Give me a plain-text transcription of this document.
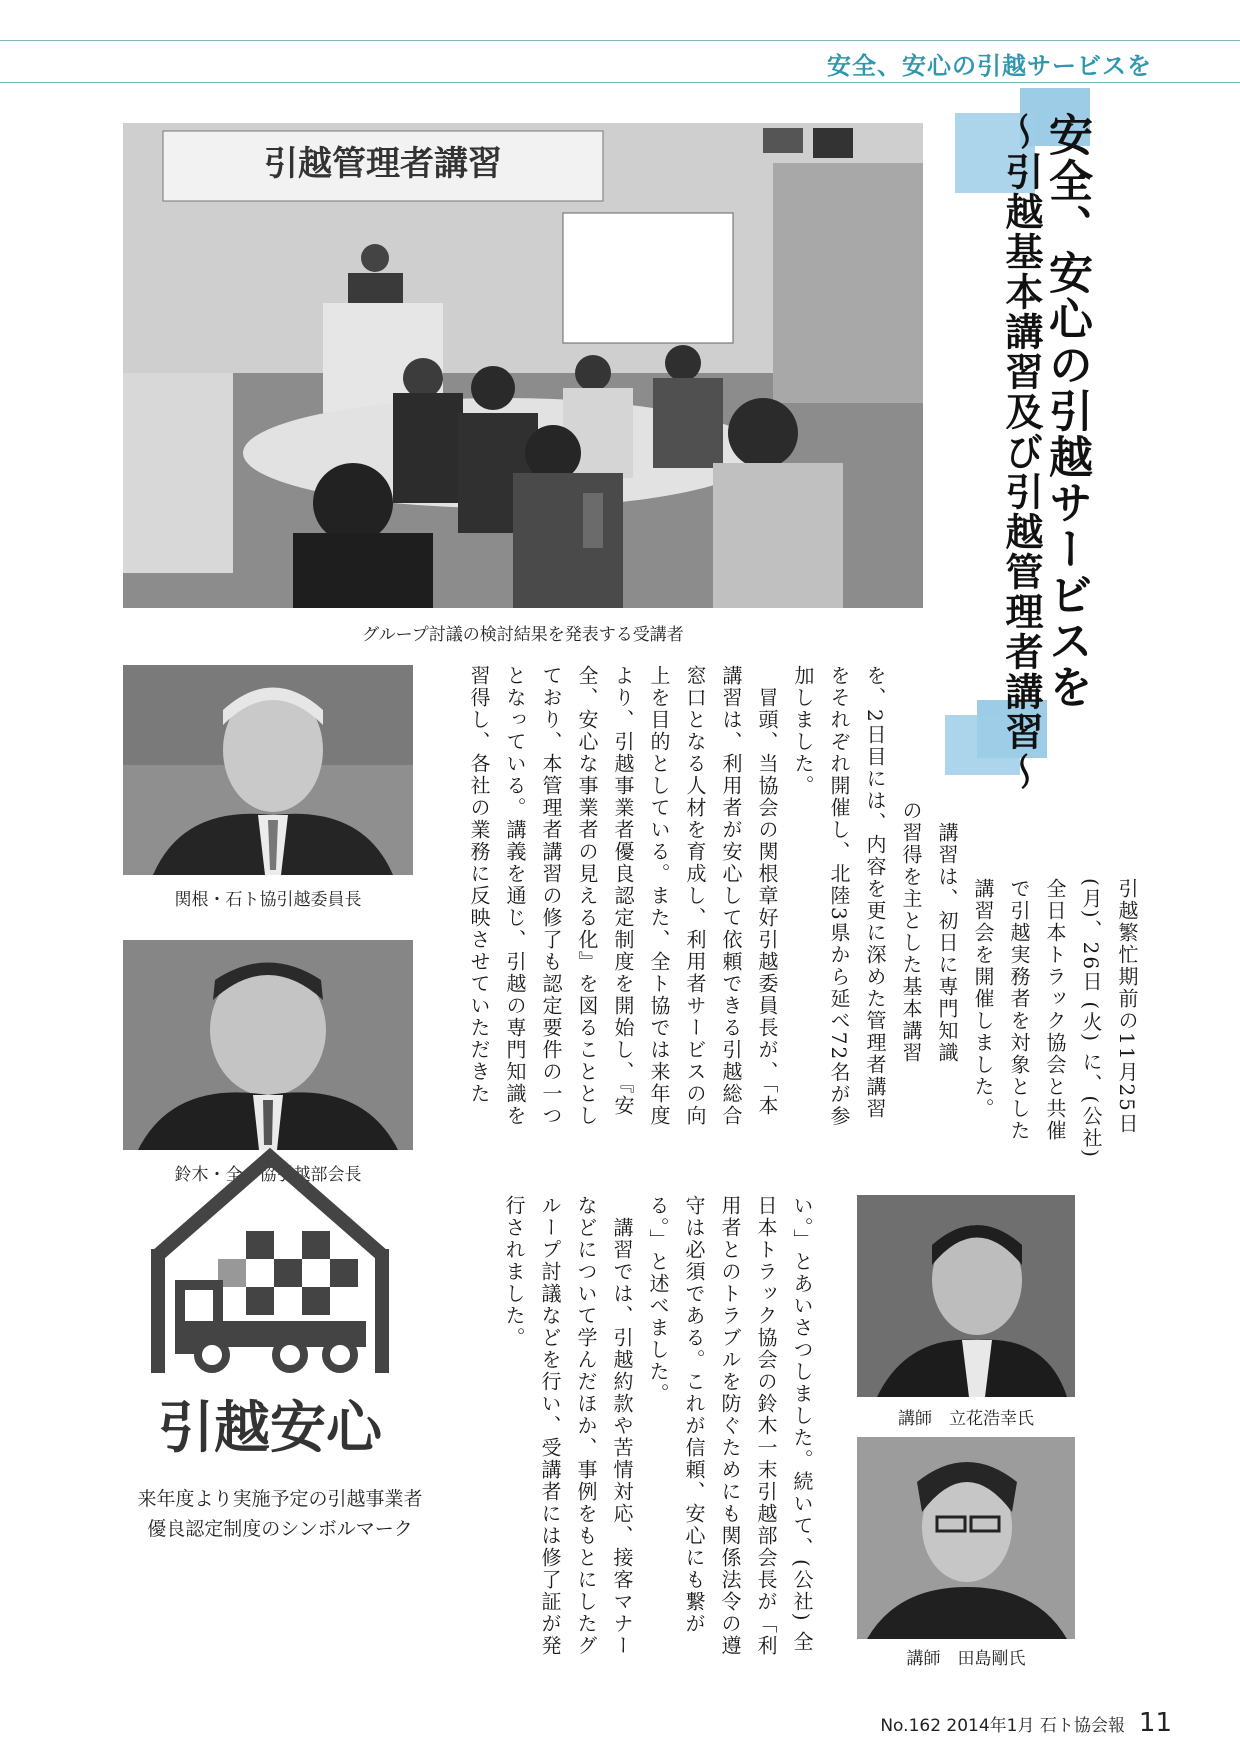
安全、安心の引越サービスを
引越管理者講習
グループ討議の検討結果を発表する受講者
関根・石ト協引越委員長
鈴木・全ト協引越部会長
講師　立花浩幸氏
講師　田島剛氏
安全、安心の引越サービスを
～引越基本講習及び引越管理者講習～

引越繁忙期前の11月25日

(月)、26日 (火) に、(公社)

全日本トラック協会と共催

で引越実務者を対象とした

講習会を開催しました。

　講習は、初日に専門知識

の習得を主とした基本講習

を、2日目には、内容を更に深めた管理者講習

をそれぞれ開催し、北陸3県から延べ72名が参

加しました。

　冒頭、当協会の関根章好引越委員長が、「本

講習は、利用者が安心して依頼できる引越総合

窓口となる人材を育成し、利用者サービスの向

上を目的としている。また、全ト協では来年度

より、引越事業者優良認定制度を開始し、『安

全、安心な事業者の見える化』を図ることとし

ており、本管理者講習の修了も認定要件の一つ

となっている。講義を通じ、引越の専門知識を

習得し、各社の業務に反映させていただきた

い。」とあいさつしました。続いて、(公社) 全

日本トラック協会の鈴木一末引越部会長が「利

用者とのトラブルを防ぐためにも関係法令の遵

守は必須である。これが信頼、安心にも繋が

る。」と述べました。

　講習では、引越約款や苦情対応、接客マナー

などについて学んだほか、事例をもとにしたグ

ループ討議などを行い、受講者には修了証が発

行されました。

引越安心
来年度より実施予定の引越事業者
優良認定制度のシンボルマーク
No.162 2014年1月 石ト協会報 11
